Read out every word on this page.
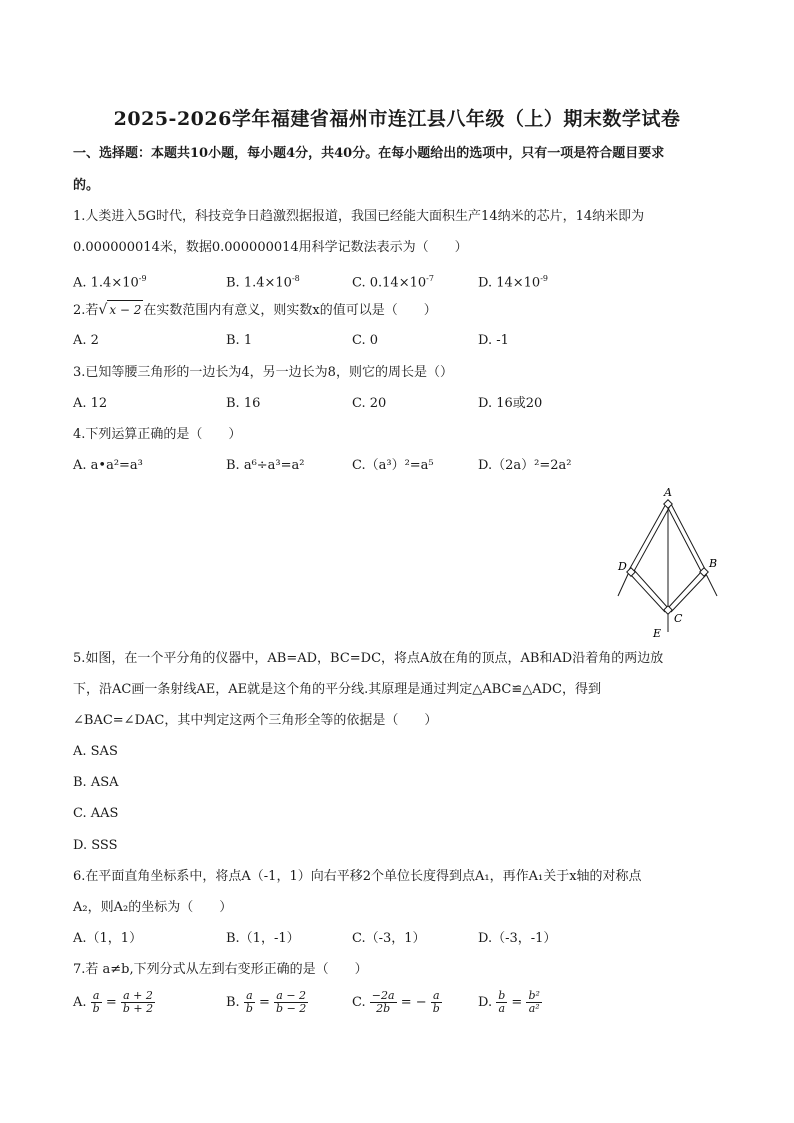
2025-2026学年福建省福州市连江县八年级（上）期末数学试卷
一、选择题：本题共10小题，每小题4分，共40分。在每小题给出的选项中，只有一项是符合题目要求
的。
1.人类进入5G时代，科技竞争日趋激烈据报道，我国已经能大面积生产14纳米的芯片，14纳米即为
0.000000014米，数据0.000000014用科学记数法表示为（　　）
A. $1.4\times 10^{-9}$	B. $1.4\times 10^{-8}$	C. $0.14\times 10^{-7}$	D. $14\times 10^{-9}$
2.若√ x − 2 在实数范围内有意义，则实数x的值可以是（　　）
A. 2	B. 1	C. 0	D. -1
3.已知等腰三角形的一边长为4，另一边长为8，则它的周长是（）
A. 12	B. 16	C. 20	D. 16或20
4.下列运算正确的是（　　）
A. a•a²=a³	B. a⁶÷a³=a²	C.（a³）²=a⁵	D.（2a）²=2a²
A
B
C
D
E
5.如图，在一个平分角的仪器中，AB=AD，BC=DC，将点A放在角的顶点，AB和AD沿着角的两边放
下，沿AC画一条射线AE，AE就是这个角的平分线.其原理是通过判定△ABC≌△ADC，得到
∠BAC=∠DAC，其中判定这两个三角形全等的依据是（　　）
A. SAS
B. ASA
C. AAS
D. SSS
6.在平面直角坐标系中，将点A（-1，1）向右平移2个单位长度得到点A₁，再作A₁关于x轴的对称点
A₂，则A₂的坐标为（　　）
A.（1，1）	B.（1，-1）	C.（-3，1）	D.（-3，-1）
7.若 a≠b,下列分式从左到右变形正确的是（　　）
A. $\frac{a}{b} = \frac{a + 2}{b + 2}$	B. $\frac{a}{b} = \frac{a - 2}{b - 2}$	C. $\frac{-2a}{2b}$ = − $\frac{a}{b}$	D. $\frac{b}{a} = \frac{\text{b²}}{\text{a²}}$
